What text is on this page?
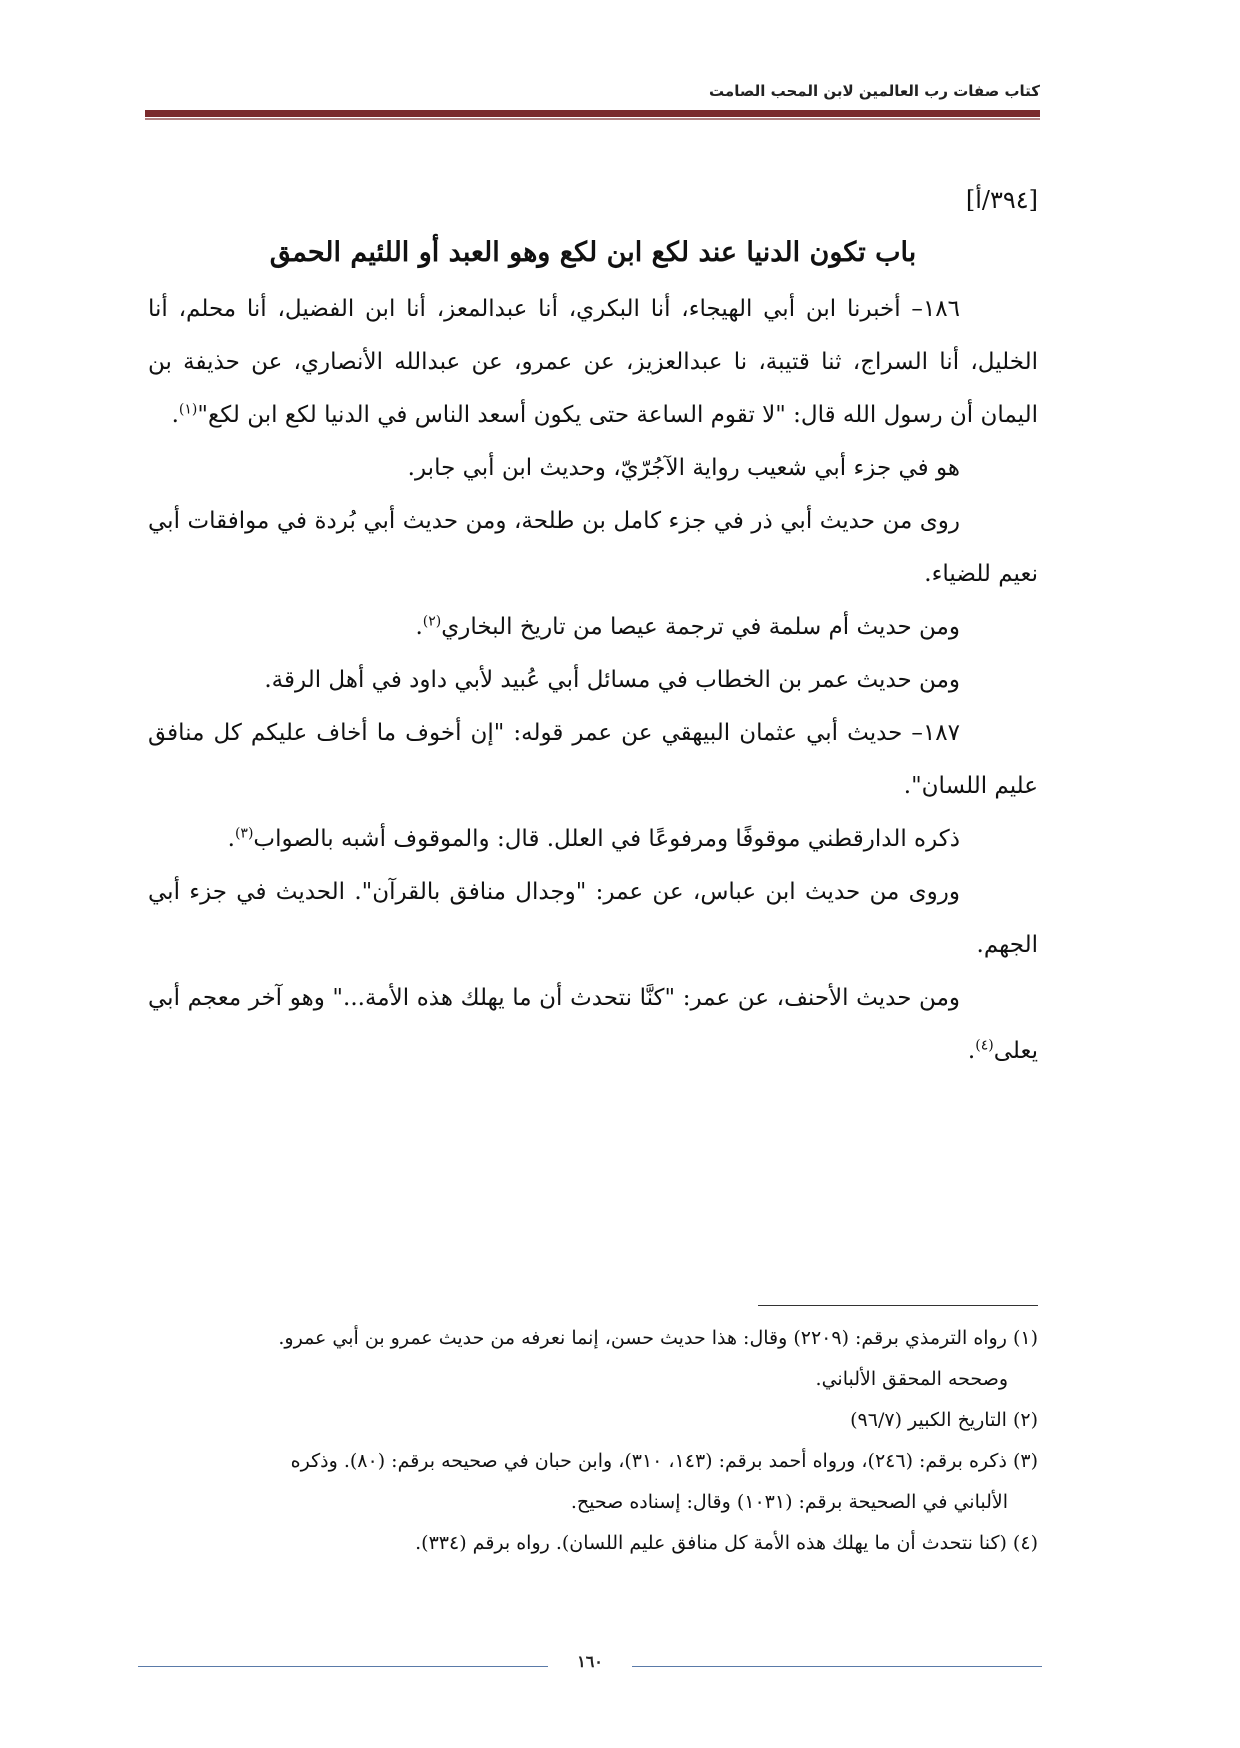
كتاب صفات رب العالمين لابن المحب الصامت
[٣٩٤/أ]
باب تكون الدنيا عند لكع ابن لكع وهو العبد أو اللئيم الحمق

١٨٦– أخبرنا ابن أبي الهيجاء، أنا البكري، أنا عبدالمعز، أنا ابن الفضيل، أنا محلم، أنا الخليل، أنا السراج، ثنا قتيبة، نا عبدالعزيز، عن عمرو، عن عبدالله الأنصاري، عن حذيفة بن اليمان أن رسول الله قال: "لا تقوم الساعة حتى يكون أسعد الناس في الدنيا لكع ابن لكع"$^{(١)}$.

هو في جزء أبي شعيب رواية الآجُرّيّ، وحديث ابن أبي جابر.

روى من حديث أبي ذر في جزء كامل بن طلحة، ومن حديث أبي بُردة في موافقات أبي نعيم للضياء.

ومن حديث أم سلمة في ترجمة عيصا من تاريخ البخاري$^{(٢)}$.

ومن حديث عمر بن الخطاب في مسائل أبي عُبيد لأبي داود في أهل الرقة.

١٨٧– حديث أبي عثمان البيهقي عن عمر قوله: "إن أخوف ما أخاف عليكم كل منافق عليم اللسان".

ذكره الدارقطني موقوفًا ومرفوعًا في العلل. قال: والموقوف أشبه بالصواب$^{(٣)}$.

وروى من حديث ابن عباس، عن عمر: "وجدال منافق بالقرآن". الحديث في جزء أبي الجهم.

ومن حديث الأحنف، عن عمر: "كنَّا نتحدث أن ما يهلك هذه الأمة..." وهو آخر معجم أبي يعلى$^{(٤)}$.

(١) رواه الترمذي برقم: (٢٢٠٩) وقال: هذا حديث حسن، إنما نعرفه من حديث عمرو بن أبي عمرو.

وصححه المحقق الألباني.

(٢) التاريخ الكبير (٩٦/٧)

(٣) ذكره برقم: (٢٤٦)، ورواه أحمد برقم: (١٤٣، ٣١٠)، وابن حبان في صحيحه برقم: (٨٠). وذكره

الألباني في الصحيحة برقم: (١٠٣١) وقال: إسناده صحيح.

(٤) (كنا نتحدث أن ما يهلك هذه الأمة كل منافق عليم اللسان). رواه برقم (٣٣٤).

١٦٠
